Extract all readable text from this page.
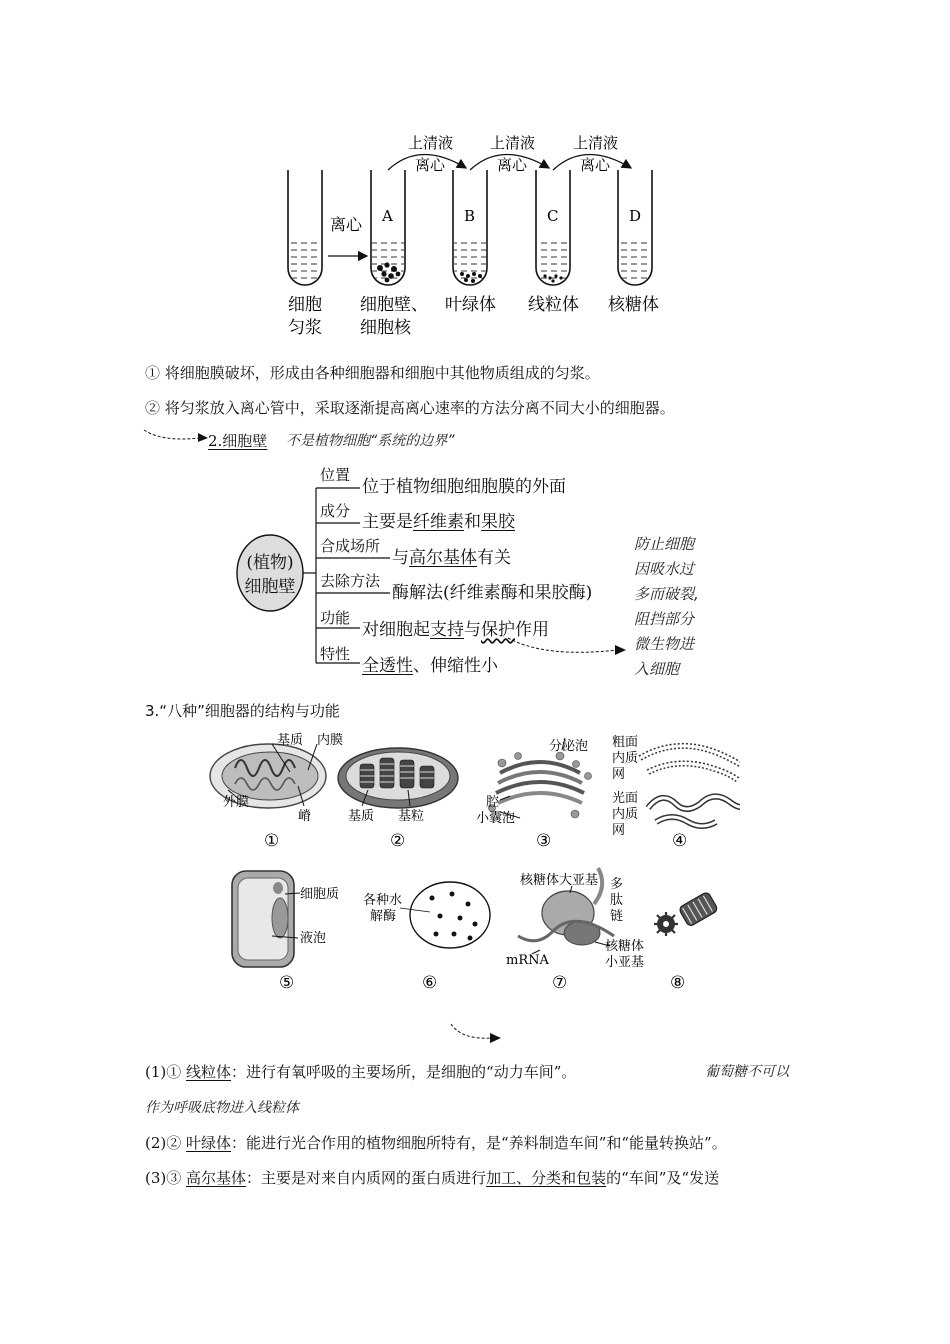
离心
上清液
离心
上清液
离心
上清液
离心
A	B	C	D
细胞
匀浆
细胞壁、
细胞核
叶绿体 线粒体 核糖体
① 将细胞膜破坏，形成由各种细胞器和细胞中其他物质组成的匀浆。
② 将匀浆放入离心管中，采取逐渐提高离心速率的方法分离不同大小的细胞器。
2.细胞壁 不是植物细胞“系统的边界”
(植物)
细胞壁
位置
位于植物细胞细胞膜的外面
成分
主要是纤维素和果胶
合成场所
与高尔基体有关
去除方法
酶解法(纤维素酶和果胶酶)
功能
对细胞起支持与保护作用
特性
全透性、伸缩性小
防止细胞
因吸水过
多而破裂,
阻挡部分
微生物进
入细胞
3.“八种”细胞器的结构与功能
基质 内膜
外膜
嵴	基质 基粒
分泌泡
腔
小囊泡
粗面
内质
网
光面
内质
网
①	②	③	④
细胞质
液泡
各种水
解酶
核糖体大亚基 多
肽
链
mRNA
核糖体
小亚基
⑤	⑥	⑦	⑧
(1)① 线粒体：进行有氧呼吸的主要场所，是细胞的“动力车间”。	葡萄糖不可以
作为呼吸底物进入线粒体
(2)② 叶绿体：能进行光合作用的植物细胞所特有，是“养料制造车间”和“能量转换站”。
(3)③ 高尔基体：主要是对来自内质网的蛋白质进行加工、分类和包装的“车间”及“发送
